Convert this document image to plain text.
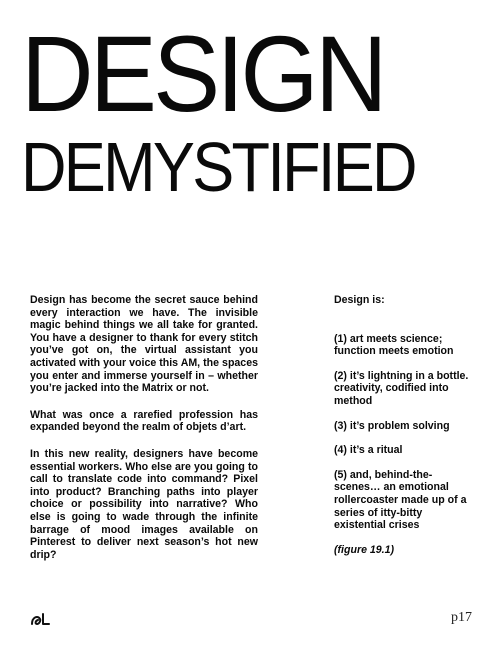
DESIGN
DEMYSTIFIED

Design has become the secret sauce behind every interaction we have. The invisible magic behind things we all take for granted. You have a designer to thank for every stitch you’ve got on, the virtual assistant you activated with your voice this AM, the spaces you enter and immerse yourself in – whether you’re jacked into the Matrix or not.

What was once a rarefied profession has expanded beyond the realm of objets d’art.

In this new reality, designers have become essential workers. Who else are you going to call to translate code into command? Pixel into product? Branching paths into player choice or possibility into narrative? Who else is going to wade through the infinite barrage of mood images available on Pinterest to deliver next season’s hot new drip?

Design is:
(1) art meets science; function meets emotion
(2) it’s lightning in a bottle. creativity, codified into method
(3) it’s problem solving
(4) it’s a ritual
(5) and, behind-the-scenes… an emotional rollercoaster made up of a series of itty-bitty existential crises
(figure 19.1)
p17
